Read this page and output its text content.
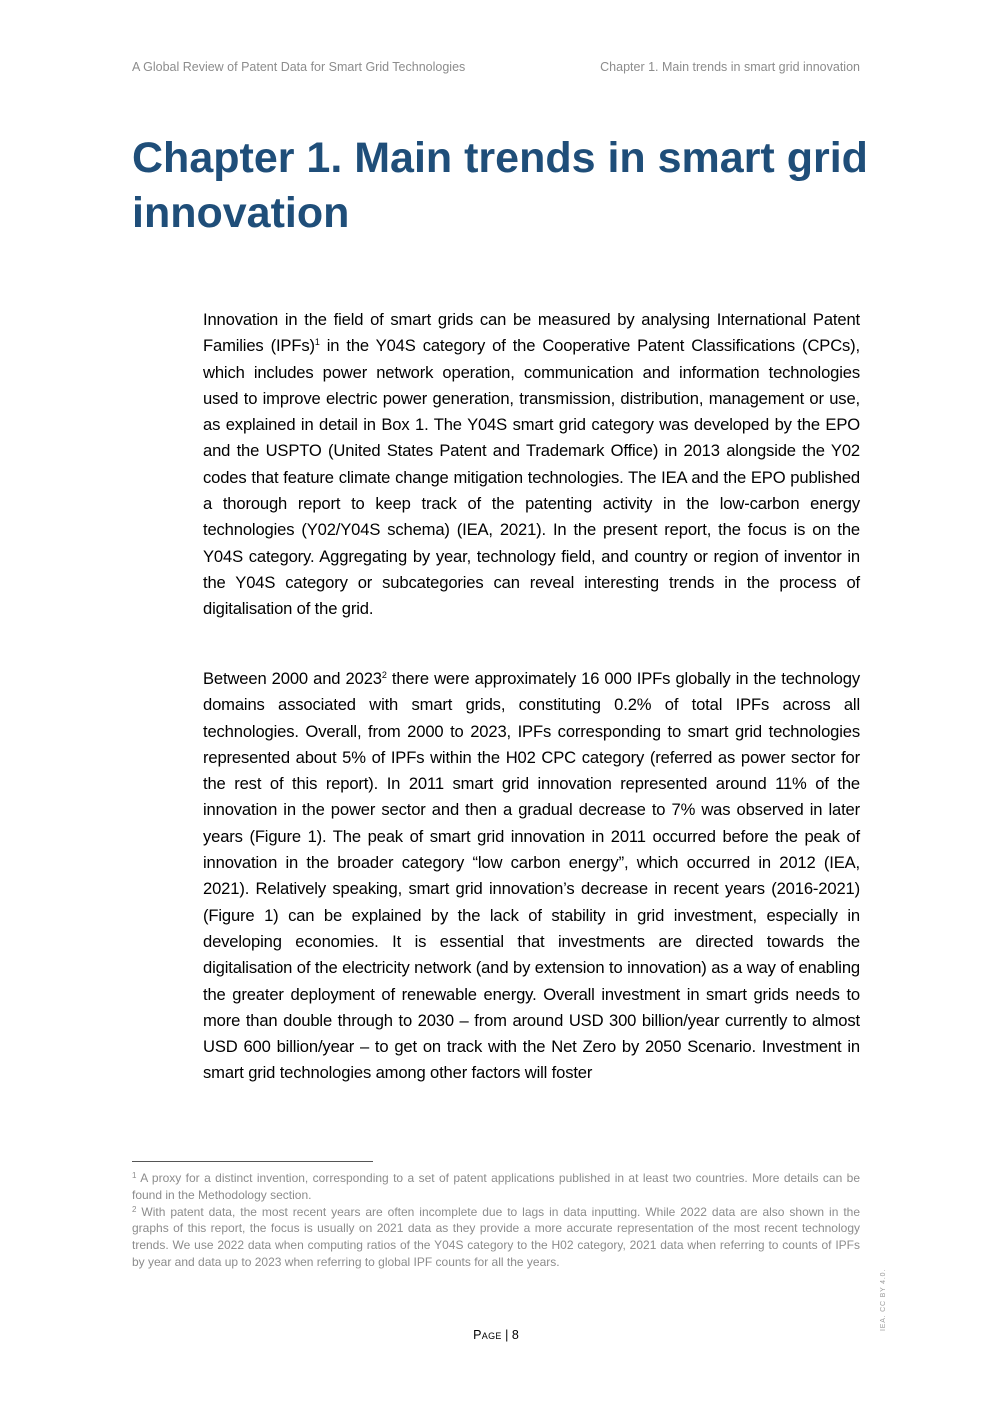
A Global Review of Patent Data for Smart Grid Technologies	Chapter 1. Main trends in smart grid innovation
Chapter 1. Main trends in smart grid innovation

Innovation in the field of smart grids can be measured by analysing International Patent Families (IPFs)$^1$ in the Y04S category of the Cooperative Patent Classifications (CPCs), which includes power network operation, communication and information technologies used to improve electric power generation, transmission, distribution, management or use, as explained in detail in Box 1. The Y04S smart grid category was developed by the EPO and the USPTO (United States Patent and Trademark Office) in 2013 alongside the Y02 codes that feature climate change mitigation technologies. The IEA and the EPO published a thorough report to keep track of the patenting activity in the low-carbon energy technologies (Y02/Y04S schema) (IEA, 2021). In the present report, the focus is on the Y04S category. Aggregating by year, technology field, and country or region of inventor in the Y04S category or subcategories can reveal interesting trends in the process of digitalisation of the grid.

Between 2000 and 2023$^2$ there were approximately 16 000 IPFs globally in the technology domains associated with smart grids, constituting 0.2% of total IPFs across all technologies. Overall, from 2000 to 2023, IPFs corresponding to smart grid technologies represented about 5% of IPFs within the H02 CPC category (referred as power sector for the rest of this report). In 2011 smart grid innovation represented around 11% of the innovation in the power sector and then a gradual decrease to 7% was observed in later years (Figure 1). The peak of smart grid innovation in 2011 occurred before the peak of innovation in the broader category “low carbon energy”, which occurred in 2012 (IEA, 2021). Relatively speaking, smart grid innovation’s decrease in recent years (2016-2021) (Figure 1) can be explained by the lack of stability in grid investment, especially in developing economies. It is essential that investments are directed towards the digitalisation of the electricity network (and by extension to innovation) as a way of enabling the greater deployment of renewable energy. Overall investment in smart grids needs to more than double through to 2030 – from around USD 300 billion/year currently to almost USD 600 billion/year – to get on track with the Net Zero by 2050 Scenario. Investment in smart grid technologies among other factors will foster

$^1$ A proxy for a distinct invention, corresponding to a set of patent applications published in at least two countries. More details can be found in the Methodology section.

$^2$ With patent data, the most recent years are often incomplete due to lags in data inputting. While 2022 data are also shown in the graphs of this report, the focus is usually on 2021 data as they provide a more accurate representation of the most recent technology trends. We use 2022 data when computing ratios of the Y04S category to the H02 category, 2021 data when referring to counts of IPFs by year and data up to 2023 when referring to global IPF counts for all the years.

Page | 8
IEA. CC BY 4.0.
